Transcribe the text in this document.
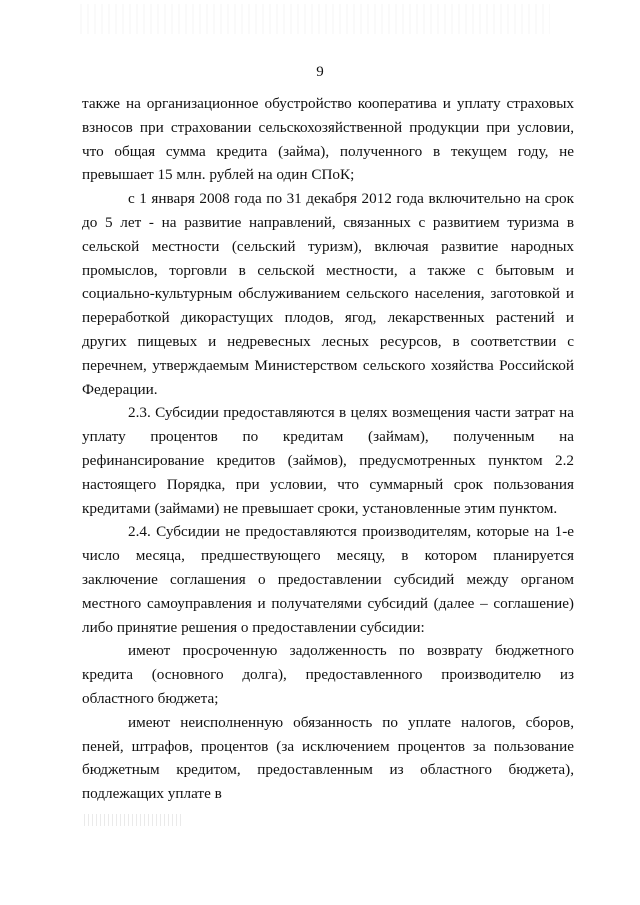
9

также на организационное обустройство кооператива и уплату страховых взносов при страховании сельскохозяйственной продукции при условии, что общая сумма кредита (займа), полученного в текущем году, не превышает 15 млн. рублей на один СПоК;

с 1 января 2008 года по 31 декабря 2012 года включительно на срок до 5 лет - на развитие направлений, связанных с развитием туризма в сельской местности (сельский туризм), включая развитие народных промыслов, торговли в сельской местности, а также с бытовым и социально-культурным обслуживанием сельского населения, заготовкой и переработкой дикорастущих плодов, ягод, лекарственных растений и других пищевых и недревесных лесных ресурсов, в соответствии с перечнем, утверждаемым Министерством сельского хозяйства Российской Федерации.

2.3. Субсидии предоставляются в целях возмещения части затрат на уплату процентов по кредитам (займам), полученным на рефинансирование кредитов (займов), предусмотренных пунктом 2.2 настоящего Порядка, при условии, что суммарный срок пользования кредитами (займами) не превышает сроки, установленные этим пунктом.

2.4. Субсидии не предоставляются производителям, которые на 1-е число месяца, предшествующего месяцу, в котором планируется заключение соглашения о предоставлении субсидий между органом местного самоуправления и получателями субсидий (далее – соглашение) либо принятие решения о предоставлении субсидии:

имеют просроченную задолженность по возврату бюджетного кредита (основного долга), предоставленного производителю из областного бюджета;

имеют неисполненную обязанность по уплате налогов, сборов, пеней, штрафов, процентов (за исключением процентов за пользование бюджетным кредитом, предоставленным из областного бюджета), подлежащих уплате в
